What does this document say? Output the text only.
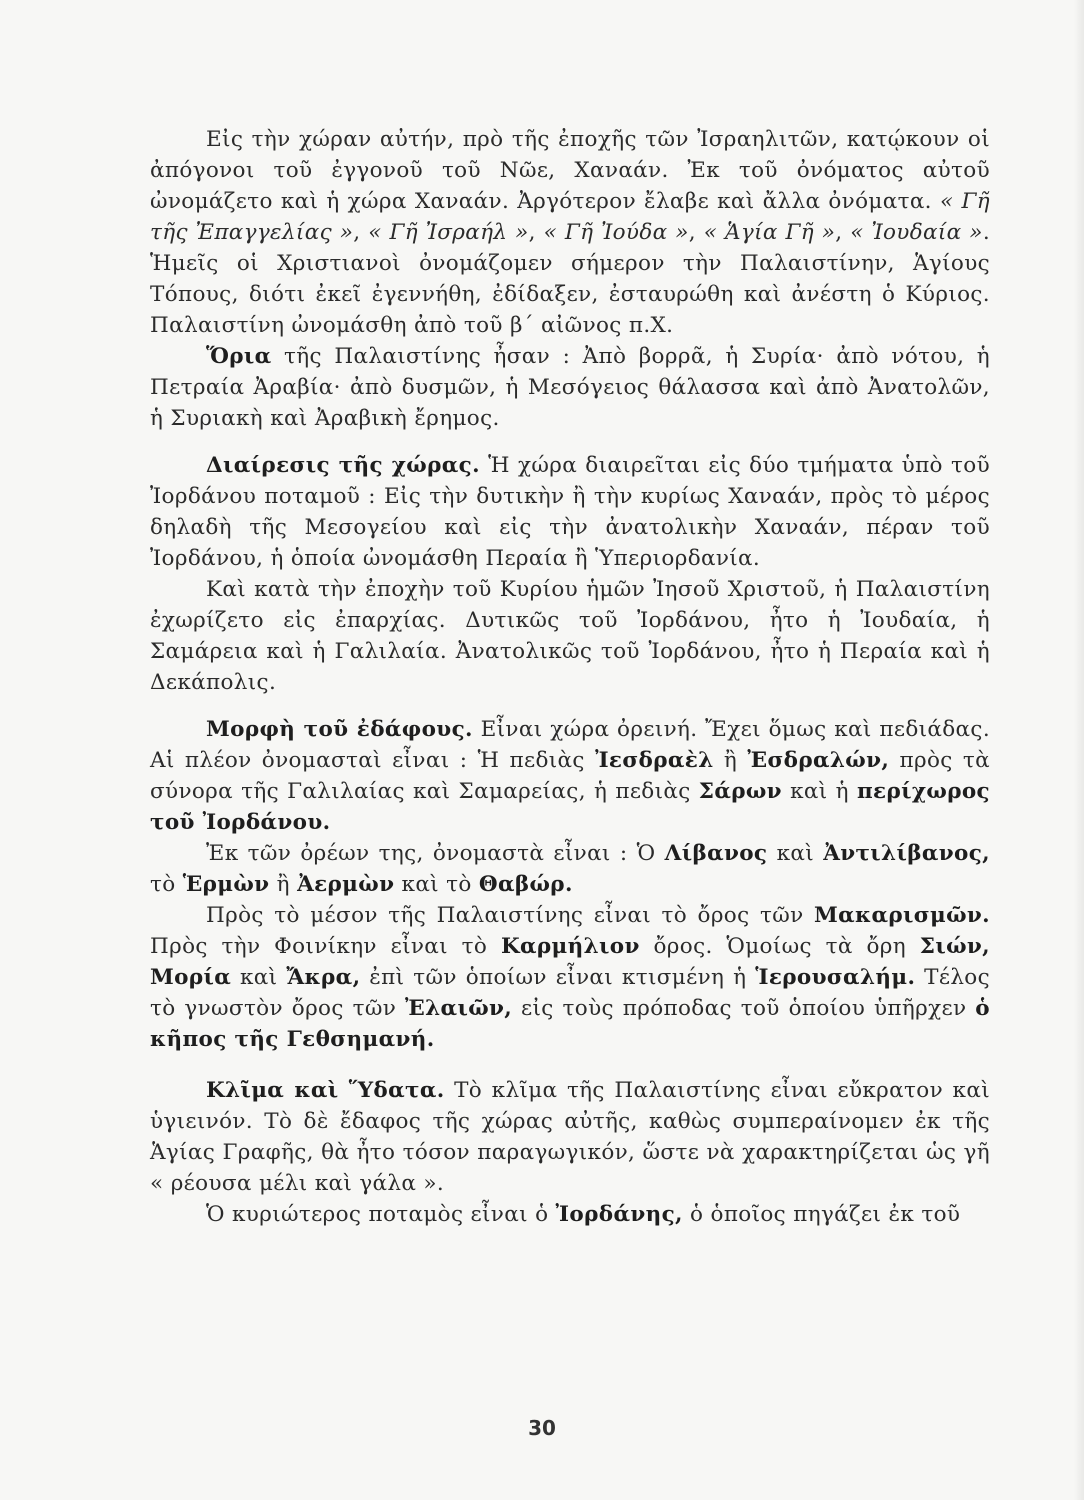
Εἰς τὴν χώραν αὐτήν, πρὸ τῆς ἐποχῆς τῶν Ἰσραηλιτῶν, κατῴκουν οἱ ἀπόγονοι τοῦ ἐγγονοῦ τοῦ Νῶε, Χαναάν. Ἐκ τοῦ ὀνόματος αὐτοῦ ὠνομάζετο καὶ ἡ χώρα Χαναάν. Ἀργότερον ἔλαβε καὶ ἄλλα ὀνόματα. « Γῆ τῆς Ἐπαγγελίας », « Γῆ Ἰσραήλ », « Γῆ Ἰούδα », « Ἁγία Γῆ », « Ἰουδαία ». Ἡμεῖς οἱ Χριστιανοὶ ὀνομάζομεν σήμερον τὴν Παλαιστίνην, Ἁγίους Τόπους, διότι ἐκεῖ ἐγεννήθη, ἐδίδαξεν, ἐσταυρώθη καὶ ἀνέστη ὁ Κύριος. Παλαιστίνη ὠνομάσθη ἀπὸ τοῦ β΄ αἰῶνος π.Χ.

Ὅρια τῆς Παλαιστίνης ἦσαν : Ἀπὸ βορρᾶ, ἡ Συρία· ἀπὸ νότου, ἡ Πετραία Ἀραβία· ἀπὸ δυσμῶν, ἡ Μεσόγειος θάλασσα καὶ ἀπὸ Ἀνατολῶν, ἡ Συριακὴ καὶ Ἀραβικὴ ἔρημος.

Διαίρεσις τῆς χώρας. Ἡ χώρα διαιρεῖται εἰς δύο τμήματα ὑπὸ τοῦ Ἰορδάνου ποταμοῦ : Εἰς τὴν δυτικὴν ἢ τὴν κυρίως Χαναάν, πρὸς τὸ μέρος δηλαδὴ τῆς Μεσογείου καὶ εἰς τὴν ἀνατολικὴν Χαναάν, πέραν τοῦ Ἰορδάνου, ἡ ὁποία ὠνομάσθη Περαία ἢ Ὑπεριορδανία.

Καὶ κατὰ τὴν ἐποχὴν τοῦ Κυρίου ἡμῶν Ἰησοῦ Χριστοῦ, ἡ Παλαιστίνη ἐχωρίζετο εἰς ἐπαρχίας. Δυτικῶς τοῦ Ἰορδάνου, ἦτο ἡ Ἰουδαία, ἡ Σαμάρεια καὶ ἡ Γαλιλαία. Ἀνατολικῶς τοῦ Ἰορδάνου, ἦτο ἡ Περαία καὶ ἡ Δεκάπολις.

Μορφὴ τοῦ ἐδάφους. Εἶναι χώρα ὀρεινή. Ἔχει ὅμως καὶ πεδιάδας. Αἱ πλέον ὀνομασταὶ εἶναι : Ἡ πεδιὰς Ἰεσδραὲλ ἢ Ἐσδραλών, πρὸς τὰ σύνορα τῆς Γαλιλαίας καὶ Σαμαρείας, ἡ πεδιὰς Σάρων καὶ ἡ περίχωρος τοῦ Ἰορδάνου.

Ἐκ τῶν ὀρέων της, ὀνομαστὰ εἶναι : Ὁ Λίβανος καὶ Ἀντιλίβανος, τὸ Ἑρμὼν ἢ Ἀερμὼν καὶ τὸ Θαβώρ.

Πρὸς τὸ μέσον τῆς Παλαιστίνης εἶναι τὸ ὄρος τῶν Μακαρισμῶν. Πρὸς τὴν Φοινίκην εἶναι τὸ Καρμήλιον ὄρος. Ὁμοίως τὰ ὄρη Σιών, Μορία καὶ Ἄκρα, ἐπὶ τῶν ὁποίων εἶναι κτισμένη ἡ Ἱερουσαλήμ. Τέλος τὸ γνωστὸν ὄρος τῶν Ἐλαιῶν, εἰς τοὺς πρόποδας τοῦ ὁποίου ὑπῆρχεν ὁ κῆπος τῆς Γεθσημανή.

Κλῖμα καὶ Ὕδατα. Τὸ κλῖμα τῆς Παλαιστίνης εἶναι εὔκρατον καὶ ὑγιεινόν. Τὸ δὲ ἔδαφος τῆς χώρας αὐτῆς, καθὼς συμπεραίνομεν ἐκ τῆς Ἁγίας Γραφῆς, θὰ ἦτο τόσον παραγωγικόν, ὥστε νὰ χαρακτηρίζεται ὡς γῆ « ρέουσα μέλι καὶ γάλα ».

Ὁ κυριώτερος ποταμὸς εἶναι ὁ Ἰορδάνης, ὁ ὁποῖος πηγάζει ἐκ τοῦ

30
